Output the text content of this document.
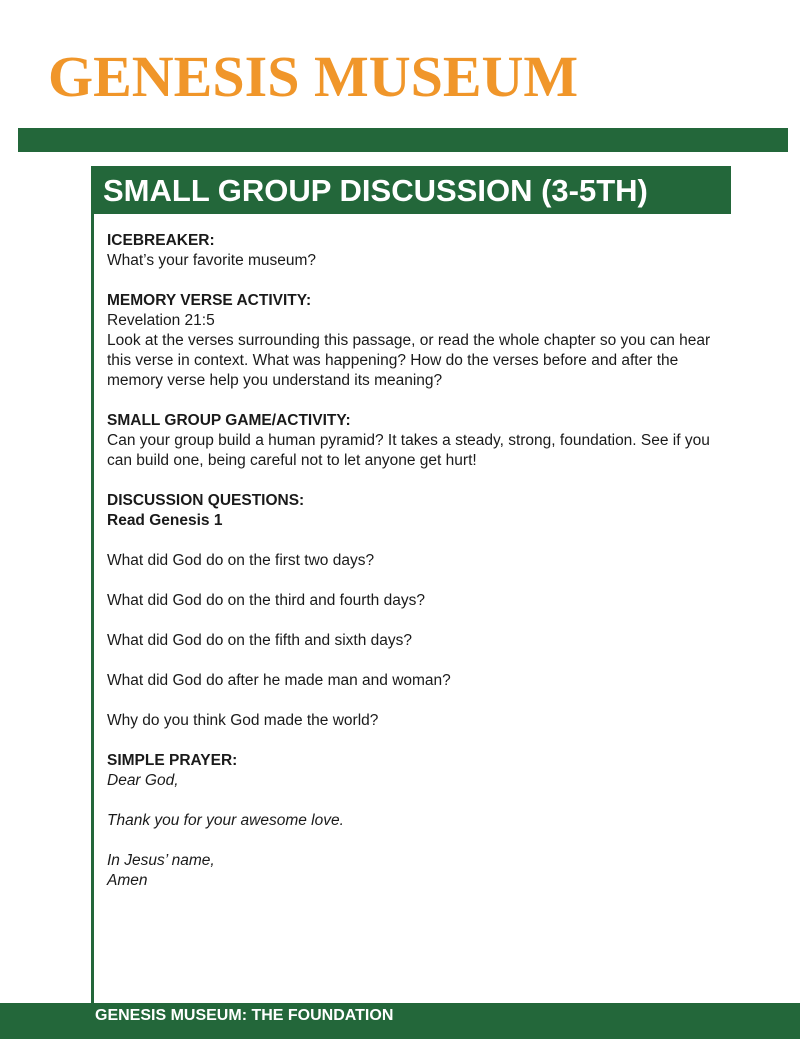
GENESIS MUSEUM
SMALL GROUP DISCUSSION (3-5TH)
ICEBREAKER:
What’s your favorite museum?
MEMORY VERSE ACTIVITY:
Revelation 21:5
Look at the verses surrounding this passage, or read the whole chapter so you can hear this verse in context. What was happening? How do the verses before and after the memory verse help you understand its meaning?
SMALL GROUP GAME/ACTIVITY:
Can your group build a human pyramid? It takes a steady, strong, foundation. See if you can build one, being careful not to let anyone get hurt!
DISCUSSION QUESTIONS:
Read Genesis 1
What did God do on the first two days?
What did God do on the third and fourth days?
What did God do on the fifth and sixth days?
What did God do after he made man and woman?
Why do you think God made the world?
SIMPLE PRAYER:
Dear God,
Thank you for your awesome love.
In Jesus’ name,
Amen

GENESIS MUSEUM: THE FOUNDATION
